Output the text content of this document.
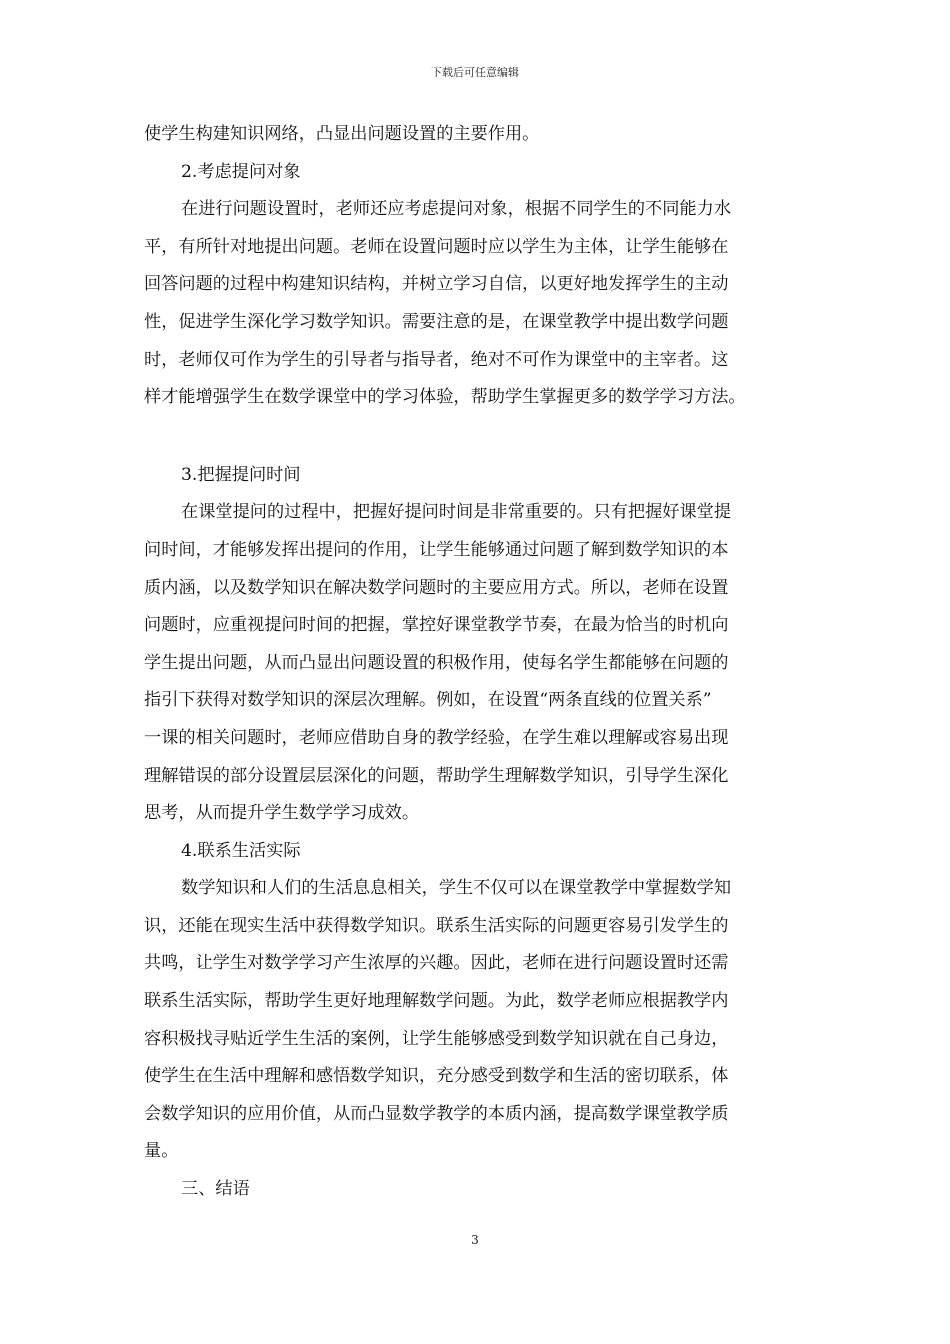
下载后可任意编辑
使学生构建知识网络，凸显出问题设置的主要作用。
2.考虑提问对象
在进行问题设置时，老师还应考虑提问对象，根据不同学生的不同能力水
平，有所针对地提出问题。老师在设置问题时应以学生为主体，让学生能够在
回答问题的过程中构建知识结构，并树立学习自信，以更好地发挥学生的主动
性，促进学生深化学习数学知识。需要注意的是，在课堂教学中提出数学问题
时，老师仅可作为学生的引导者与指导者，绝对不可作为课堂中的主宰者。这
样才能增强学生在数学课堂中的学习体验，帮助学生掌握更多的数学学习方法。
3.把握提问时间
在课堂提问的过程中，把握好提问时间是非常重要的。只有把握好课堂提
问时间，才能够发挥出提问的作用，让学生能够通过问题了解到数学知识的本
质内涵，以及数学知识在解决数学问题时的主要应用方式。所以，老师在设置
问题时，应重视提问时间的把握，掌控好课堂教学节奏，在最为恰当的时机向
学生提出问题，从而凸显出问题设置的积极作用，使每名学生都能够在问题的
指引下获得对数学知识的深层次理解。例如，在设置“两条直线的位置关系”
一课的相关问题时，老师应借助自身的教学经验，在学生难以理解或容易出现
理解错误的部分设置层层深化的问题，帮助学生理解数学知识，引导学生深化
思考，从而提升学生数学学习成效。
4.联系生活实际
数学知识和人们的生活息息相关，学生不仅可以在课堂教学中掌握数学知
识，还能在现实生活中获得数学知识。联系生活实际的问题更容易引发学生的
共鸣，让学生对数学学习产生浓厚的兴趣。因此，老师在进行问题设置时还需
联系生活实际，帮助学生更好地理解数学问题。为此，数学老师应根据教学内
容积极找寻贴近学生生活的案例，让学生能够感受到数学知识就在自己身边，
使学生在生活中理解和感悟数学知识，充分感受到数学和生活的密切联系，体
会数学知识的应用价值，从而凸显数学教学的本质内涵，提高数学课堂教学质
量。
三、结语
3
